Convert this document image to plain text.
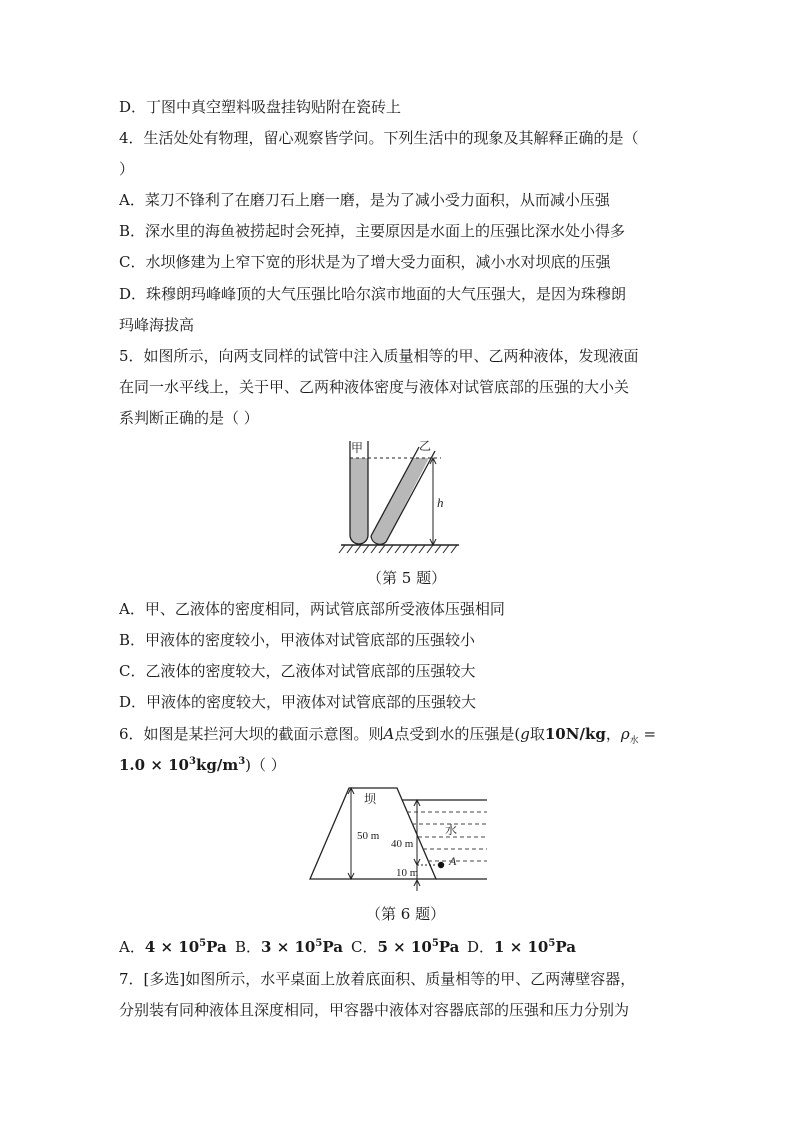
D．丁图中真空塑料吸盘挂钩贴附在瓷砖上
4．生活处处有物理，留心观察皆学问。下列生活中的现象及其解释正确的是（
）
A．菜刀不锋利了在磨刀石上磨一磨，是为了减小受力面积，从而减小压强
B．深水里的海鱼被捞起时会死掉，主要原因是水面上的压强比深水处小得多
C．水坝修建为上窄下宽的形状是为了增大受力面积，减小水对坝底的压强
D．珠穆朗玛峰峰顶的大气压强比哈尔滨市地面的大气压强大，是因为珠穆朗
玛峰海拔高
5．如图所示，向两支同样的试管中注入质量相等的甲、乙两种液体，发现液面
在同一水平线上，关于甲、乙两种液体密度与液体对试管底部的压强的大小关
系判断正确的是（ ）
甲	乙
h
（第 5 题）
A．甲、乙液体的密度相同，两试管底部所受液体压强相同
B．甲液体的密度较小，甲液体对试管底部的压强较小
C．乙液体的密度较大，乙液体对试管底部的压强较大
D．甲液体的密度较大，甲液体对试管底部的压强较大
6．如图是某拦河大坝的截面示意图。则A点受到水的压强是(g取10N/kg，$\rho_水$ =
$1.0 \times 10^3kg/m^3$)（ ）
坝
水
50 m
40 m
10 m
A
（第 6 题）
A．$4 \times 10^5Pa$ B．$3 \times 10^5Pa$ C．$5 \times 10^5Pa$ D．$1 \times 10^5Pa$
7．[多选]如图所示，水平桌面上放着底面积、质量相等的甲、乙两薄壁容器，
分别装有同种液体且深度相同，甲容器中液体对容器底部的压强和压力分别为
